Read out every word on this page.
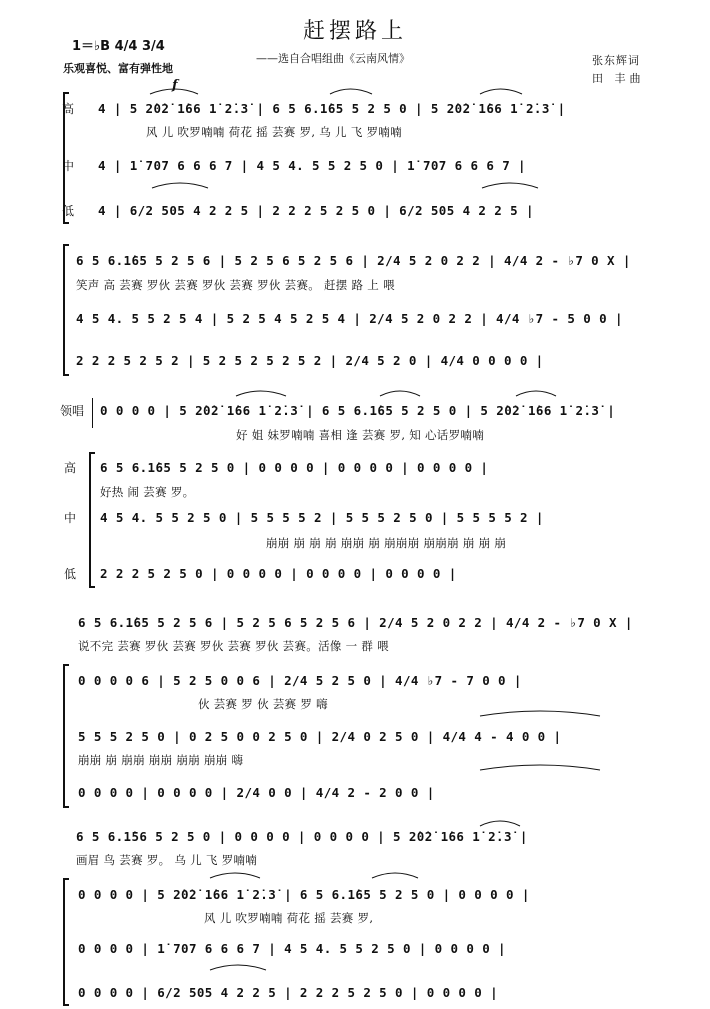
赶摆路上
——选自合唱组曲《云南风情》	张东辉词
田 丰曲
1＝♭B 4/4 3/4
乐观喜悦、富有弹性地
f
高 4 | 5 2̇0̇2̇ 1̇66 1̇ 2̇.3̇ | 6 5 6.1̇65 5 2 5 0 | 5 2̇0̇2̇ 1̇66 1̇ 2̇.3̇ |
风 儿 吹罗喃喃 荷花 摇 芸赛 罗, 乌 儿 飞 罗喃喃
中 4 | 1̇ 707 6 6 6 7 | 4 5 4. 5 5 2 5 0 | 1̇ 707 6 6 6 7 |
低 4 | 6/2 505 4 2 2 5 | 2 2 2 5 2 5 0 | 6/2 505 4 2 2 5 |
6 5 6.1̇65 5 2 5 6 | 5 2 5 6 5 2 5 6 | 2/4 5 2 0 2 2 | 4/4 2 - ♭7 0 X |
笑声 高 芸赛 罗伙 芸赛 罗伙 芸赛 罗伙 芸赛。 赶摆 路 上 喂
4 5 4. 5 5 2 5 4 | 5 2 5 4 5 2 5 4 | 2/4 5 2 0 2 2 | 4/4 ♭7 - 5 0 0 |
2 2 2 5 2 5 2 | 5 2 5 2 5 2 5 2 | 2/4 5 2 0 | 4/4 0 0 0 0 |
领唱 0 0 0 0 | 5 2̇0̇2̇ 1̇66 1̇ 2̇.3̇ | 6 5 6.1̇65 5 2 5 0 | 5 2̇0̇2̇ 1̇66 1̇ 2̇.3̇ |
好 姐 妹罗喃喃 喜相 逢 芸赛 罗, 知 心话罗喃喃
高 6 5 6.1̇65 5 2 5 0 | 0 0 0 0 | 0 0 0 0 | 0 0 0 0 |
好热 闹 芸赛 罗。
中 4 5 4. 5 5 2 5 0 | 5 5 5 5 2 | 5 5 5 2 5 0 | 5 5 5 5 2 |
崩崩 崩 崩 崩 崩崩 崩 崩崩崩 崩崩崩 崩 崩 崩
低 2 2 2 5 2 5 0 | 0 0 0 0 | 0 0 0 0 | 0 0 0 0 |
6 5 6.1̇65 5 2 5 6 | 5 2 5 6 5 2 5 6 | 2/4 5 2 0 2 2 | 4/4 2 - ♭7 0 X |
说不完 芸赛 罗伙 芸赛 罗伙 芸赛 罗伙 芸赛。活像 一 群 喂
0 0 0 0 6 | 5 2 5 0 0 6 | 2/4 5 2 5 0 | 4/4 ♭7 - 7 0 0 |
伙 芸赛 罗 伙 芸赛 罗 嗨
5 5 5 2 5 0 | 0 2 5 0 0 2 5 0 | 2/4 0 2 5 0 | 4/4 4 - 4 0 0 |
崩崩 崩 崩崩 崩崩 崩崩 崩崩 嗨
0 0 0 0 | 0 0 0 0 | 2/4 0 0 | 4/4 2 - 2 0 0 |
6 5 6.1̇56 5 2 5 0 | 0 0 0 0 | 0 0 0 0 | 5 2̇0̇2̇ 1̇66 1̇ 2̇.3̇ |
画眉 鸟 芸赛 罗。 乌 儿 飞 罗喃喃
0 0 0 0 | 5 2̇0̇2̇ 1̇66 1̇ 2̇.3̇ | 6 5 6.1̇65 5 2 5 0 | 0 0 0 0 |
风 儿 吹罗喃喃 荷花 摇 芸赛 罗,
0 0 0 0 | 1̇ 707 6 6 6 7 | 4 5 4. 5 5 2 5 0 | 0 0 0 0 |
0 0 0 0 | 6/2 505 4 2 2 5 | 2 2 2 5 2 5 0 | 0 0 0 0 |
